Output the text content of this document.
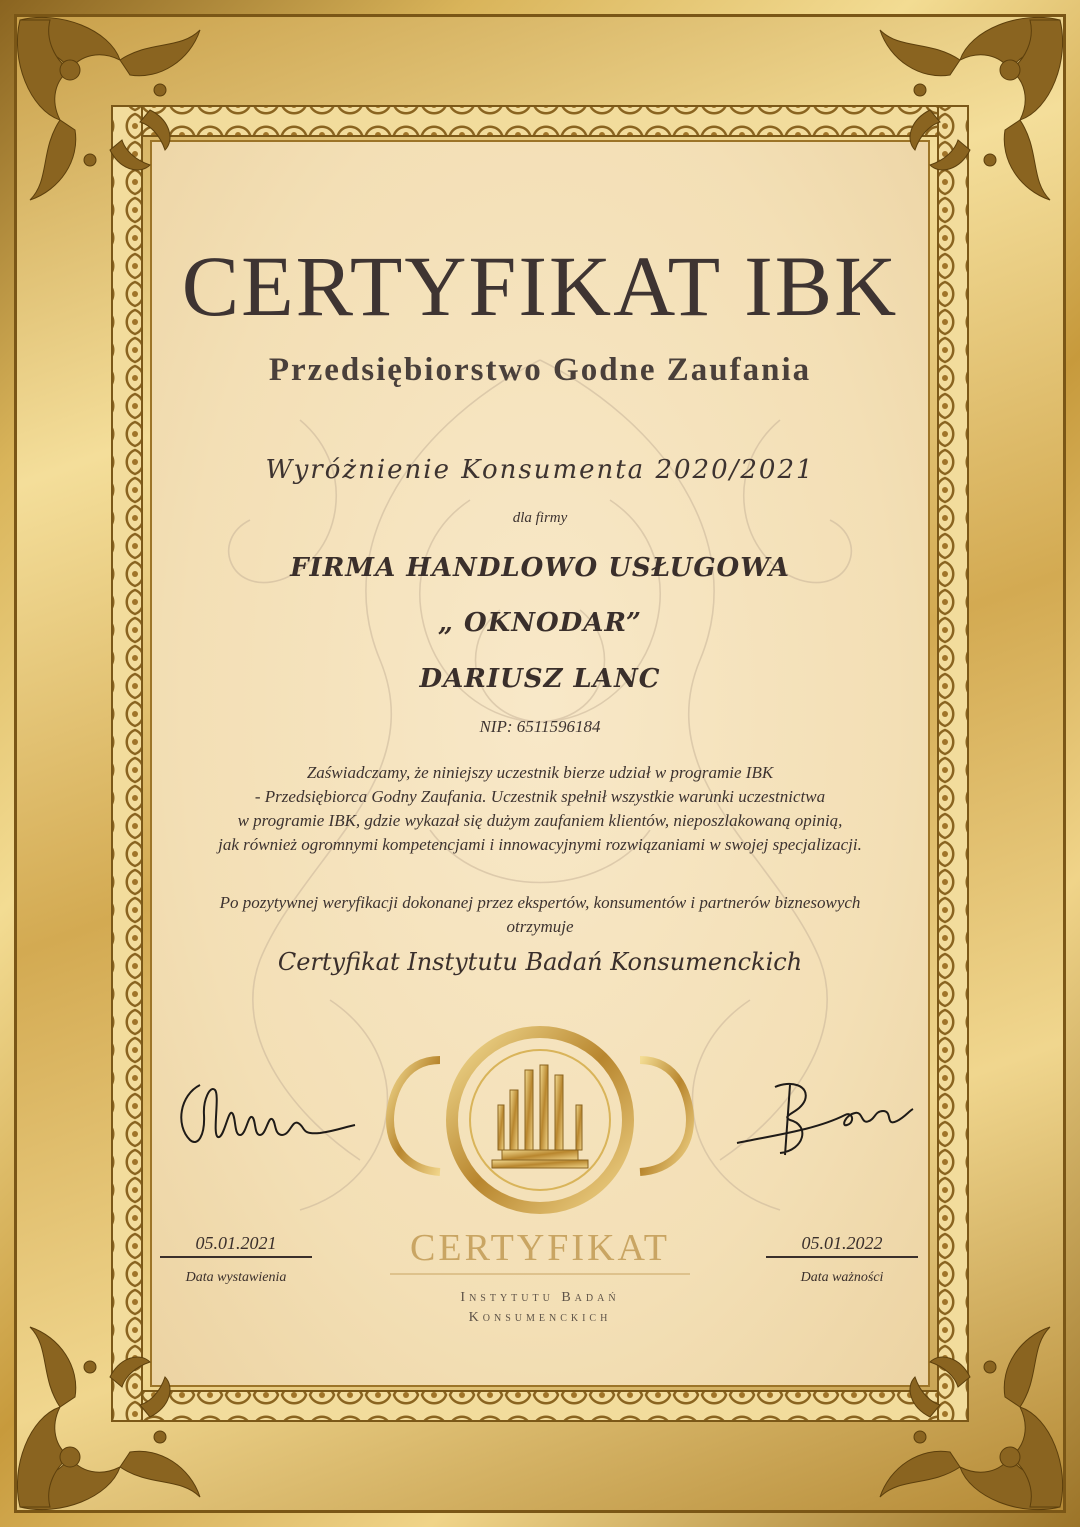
CERTYFIKAT IBK
Przedsiębiorstwo Godne Zaufania
Wyróżnienie Konsumenta 2020/2021
dla firmy
FIRMA HANDLOWO USŁUGOWA
„ OKNODAR”
DARIUSZ LANC
NIP: 6511596184
Zaświadczamy, że niniejszy uczestnik bierze udział w programie IBK
- Przedsiębiorca Godny Zaufania. Uczestnik spełnił wszystkie warunki uczestnictwa
w programie IBK, gdzie wykazał się dużym zaufaniem klientów, nieposzlakowaną opinią,
jak również ogromnymi kompetencjami i innowacyjnymi rozwiązaniami w swojej specjalizacji.
Po pozytywnej weryfikacji dokonanej przez ekspertów, konsumentów i partnerów biznesowych
otrzymuje
Certyfikat Instytutu Badań Konsumenckich
CERTYFIKAT
Instytutu Badań
Konsumenckich
05.01.2021
Data wystawienia
05.01.2022
Data ważności
